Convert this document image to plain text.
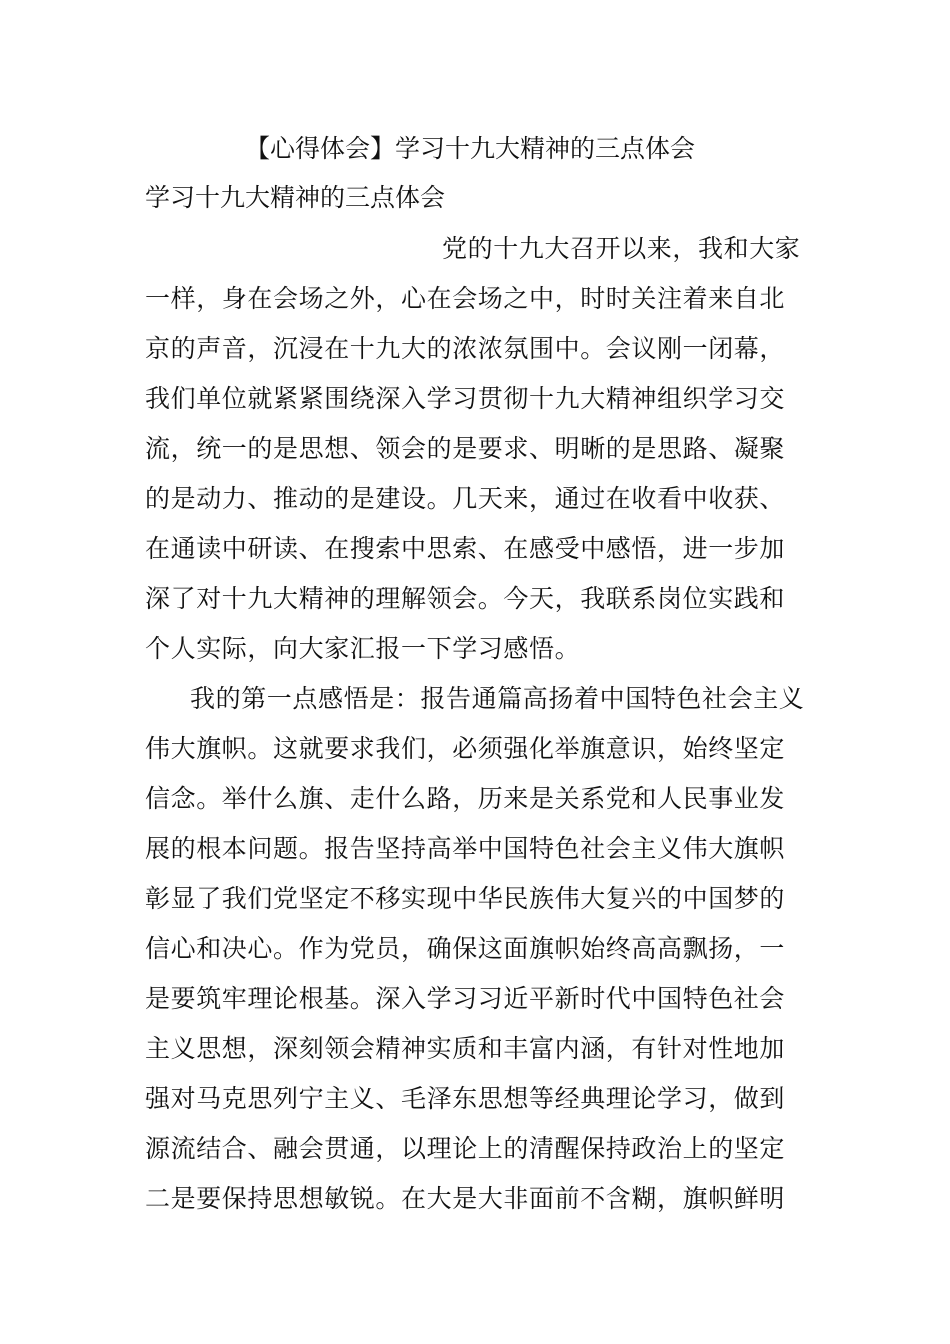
【心得体会】学习十九大精神的三点体会
学习十九大精神的三点体会
党的十九大召开以来，我和大家
一样，身在会场之外，心在会场之中，时时关注着来自北
京的声音，沉浸在十九大的浓浓氛围中。会议刚一闭幕，
我们单位就紧紧围绕深入学习贯彻十九大精神组织学习交
流，统一的是思想、领会的是要求、明晰的是思路、凝聚
的是动力、推动的是建设。几天来，通过在收看中收获、
在通读中研读、在搜索中思索、在感受中感悟，进一步加
深了对十九大精神的理解领会。今天，我联系岗位实践和
个人实际，向大家汇报一下学习感悟。
我的第一点感悟是：报告通篇高扬着中国特色社会主义
伟大旗帜。这就要求我们，必须强化举旗意识，始终坚定
信念。举什么旗、走什么路，历来是关系党和人民事业发
展的根本问题。报告坚持高举中国特色社会主义伟大旗帜
彰显了我们党坚定不移实现中华民族伟大复兴的中国梦的
信心和决心。作为党员，确保这面旗帜始终高高飘扬，一
是要筑牢理论根基。深入学习习近平新时代中国特色社会
主义思想，深刻领会精神实质和丰富内涵，有针对性地加
强对马克思列宁主义、毛泽东思想等经典理论学习，做到
源流结合、融会贯通，以理论上的清醒保持政治上的坚定
二是要保持思想敏锐。在大是大非面前不含糊，旗帜鲜明
